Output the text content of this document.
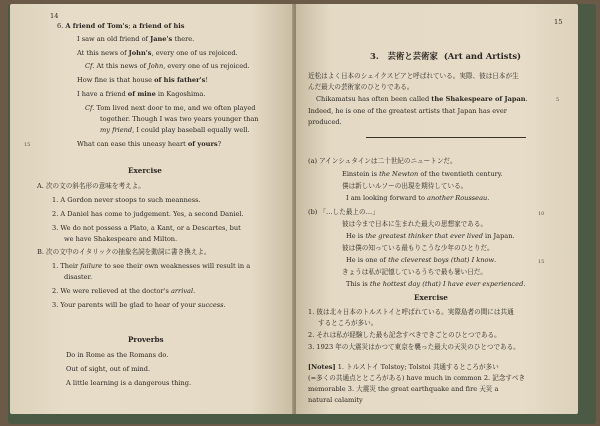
14
6. A friend of Tom's; a friend of his
I saw an old friend of Jane's there.
At this news of John's, every one of us rejoiced.
Cf. At this news of John, every one of us rejoiced.
How fine is that house of his father's!
I have a friend of mine in Kagoshima.
Cf. Tom lived next door to me, and we often played
together. Though I was two years younger than
my friend, I could play baseball equally well.
What can ease this uneasy heart of yours?
A. 次の文の斜名形の意味を考えよ。
1. A Gordon never stoops to such meanness.
2. A Daniel has come to judgement. Yes, a second Daniel.
3. We do not possess a Plato, a Kant, or a Descartes, but
we have Shakespeare and Milton.
B. 次の文中のイタリックの抽象名詞を動詞に書き換えよ。
1. Their failure to see their own weaknesses will result in a
disaster.
2. We were relieved at the doctor's arrival.
3. Your parents will be glad to hear of your success.
Do in Rome as the Romans do.
Out of sight, out of mind.
A little learning is a dangerous thing.
Exercise
Proverbs
15
15
3. 芸術と芸術家 (Art and Artists)
近松はよく日本のシェイクスピアと呼ばれている。実際、彼は日本が生
んだ最大の芸術家のひとりである。
Chikamatsu has often been called the Shakespeare of Japan.
Indeed, he is one of the greatest artists that Japan has ever
produced.
(a) アインシュタインは二十世紀のニュートンだ。
Einstein is the Newton of the twentieth century.
僕は新しいルソーの出現を期待している。
I am looking forward to another Rousseau.
(b) 「…した最上の…」
彼は今まで日本に生まれた最大の思想家である。
He is the greatest thinker that ever lived in Japan.
彼は僕の知っている最もりこうな少年のひとりだ。
He is one of the cleverest boys (that) I know.
きょうは私が記憶しているうちで最も暑い日だ。
This is the hottest day (that) I have ever experienced.
1. 彼は北々日本のトルストイと呼ばれている。実際島者の間には共通
するところが多い。
2. それは私が経験した最も記念すべきできごとのひとつである。
3. 1923 年の大震災はかつて東京を襲った最大の天災のひとつである。
[Notes] 1. トルストイ Tolstoy; Tolstoi 共通するところが多い
(=多くの共通点とところがある) have much in common 2. 記念すべき
memorable 3. 大震災 the great earthquake and fire 天災 a
natural calamity
Exercise
5
10
15
